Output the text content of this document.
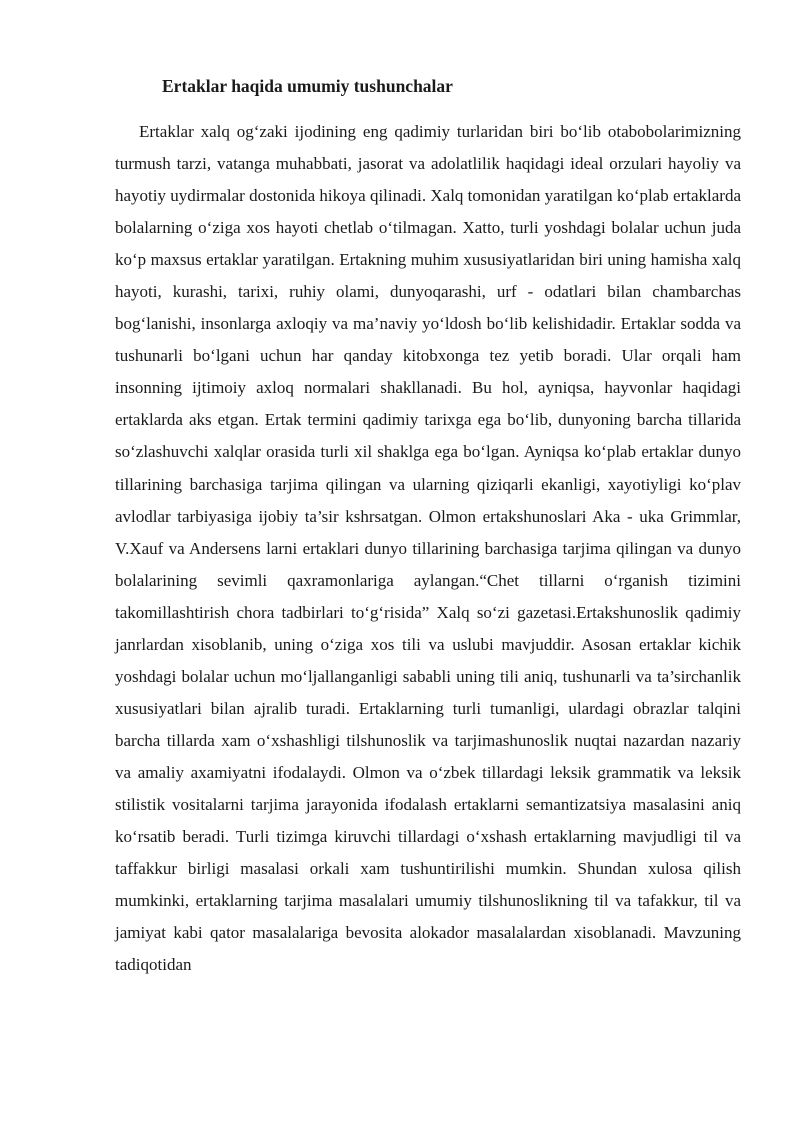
Ertaklar haqida umumiy tushunchalar

Ertaklar xalq og‘zaki ijodining eng qadimiy turlaridan biri bo‘lib otabobolarimizning turmush tarzi, vatanga muhabbati, jasorat va adolatlilik haqidagi ideal orzulari hayoliy va hayotiy uydirmalar dostonida hikoya qilinadi. Xalq tomonidan yaratilgan ko‘plab ertaklarda bolalarning o‘ziga xos hayoti chetlab o‘tilmagan. Xatto, turli yoshdagi bolalar uchun juda ko‘p maxsus ertaklar yaratilgan. Ertakning muhim xususiyatlaridan biri uning hamisha xalq hayoti, kurashi, tarixi, ruhiy olami, dunyoqarashi, urf - odatlari bilan chambarchas bog‘lanishi, insonlarga axloqiy va ma’naviy yo‘ldosh bo‘lib kelishidadir. Ertaklar sodda va tushunarli bo‘lgani uchun har qanday kitobxonga tez yetib boradi. Ular orqali ham insonning ijtimoiy axloq normalari shakllanadi. Bu hol, ayniqsa, hayvonlar haqidagi ertaklarda aks etgan. Ertak termini qadimiy tarixga ega bo‘lib, dunyoning barcha tillarida so‘zlashuvchi xalqlar orasida turli xil shaklga ega bo‘lgan. Ayniqsa ko‘plab ertaklar dunyo tillarining barchasiga tarjima qilingan va ularning qiziqarli ekanligi, xayotiyligi ko‘plav avlodlar tarbiyasiga ijobiy ta’sir kshrsatgan. Olmon ertakshunoslari Aka - uka Grimmlar, V.Xauf va Andersens larni ertaklari dunyo tillarining barchasiga tarjima qilingan va dunyo bolalarining sevimli qaxramonlariga aylangan.“Chet tillarni o‘rganish tizimini takomillashtirish chora tadbirlari to‘g‘risida” Xalq so‘zi gazetasi.Ertakshunoslik qadimiy janrlardan xisoblanib, uning o‘ziga xos tili va uslubi mavjuddir. Asosan ertaklar kichik yoshdagi bolalar uchun mo‘ljallanganligi sababli uning tili aniq, tushunarli va ta’sirchanlik xususiyatlari bilan ajralib turadi. Ertaklarning turli tumanligi, ulardagi obrazlar talqini barcha tillarda xam o‘xshashligi tilshunoslik va tarjimashunoslik nuqtai nazardan nazariy va amaliy axamiyatni ifodalaydi. Olmon va o‘zbek tillardagi leksik grammatik va leksik stilistik vositalarni tarjima jarayonida ifodalash ertaklarni semantizatsiya masalasini aniq ko‘rsatib beradi. Turli tizimga kiruvchi tillardagi o‘xshash ertaklarning mavjudligi til va taffakkur birligi masalasi orkali xam tushuntirilishi mumkin. Shundan xulosa qilish mumkinki, ertaklarning tarjima masalalari umumiy tilshunoslikning til va tafakkur, til va jamiyat kabi qator masalalariga bevosita alokador masalalardan xisoblanadi. Mavzuning tadiqotidan
